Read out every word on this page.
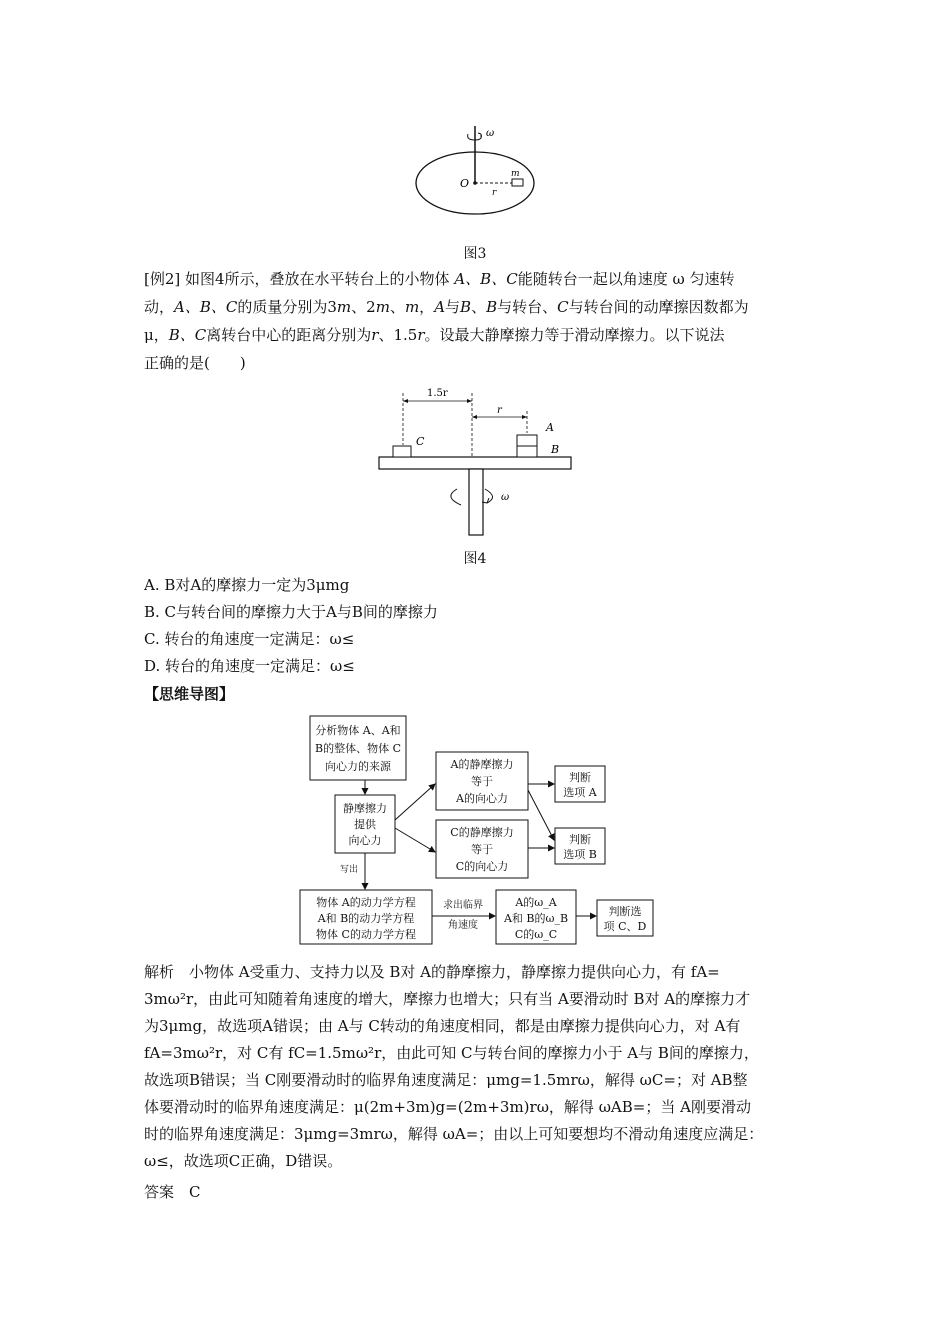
ω
O
m
r
图3
[例2] 如图4所示，叠放在水平转台上的小物体 A、B、C能随转台一起以角速度 ω 匀速转
动，A、B、C的质量分别为3m、2m、m，A与B、B与转台、C与转台间的动摩擦因数都为
μ，B、C离转台中心的距离分别为r、1.5r。设最大静摩擦力等于滑动摩擦力。以下说法
正确的是(　　)
1.5r
r
C
A
B
ω
图4
A. B对A的摩擦力一定为3μmg
B. C与转台间的摩擦力大于A与B间的摩擦力
C. 转台的角速度一定满足：ω≤
D. 转台的角速度一定满足：ω≤
【思维导图】
分析物体 A、A和
B的整体、物体 C
向心力的来源
静摩擦力
提供
向心力
A的静摩擦力
等于
A的向心力
C的静摩擦力
等于
C的向心力
判断
选项 A
判断
选项 B
物体 A的动力学方程
A和 B的动力学方程
物体 C的动力学方程
A的ω_A
A和 B的ω_B
C的ω_C
判断选
项 C、D
写出
求出临界
角速度
解析　小物体 A受重力、支持力以及 B对 A的静摩擦力，静摩擦力提供向心力，有 fA=
3mω²r，由此可知随着角速度的增大，摩擦力也增大；只有当 A要滑动时 B对 A的摩擦力才
为3μmg，故选项A错误；由 A与 C转动的角速度相同，都是由摩擦力提供向心力，对 A有
fA=3mω²r，对 C有 fC=1.5mω²r，由此可知 C与转台间的摩擦力小于 A与 B间的摩擦力，
故选项B错误；当 C刚要滑动时的临界角速度满足：μmg=1.5mrω，解得 ωC=；对 AB整
体要滑动时的临界角速度满足：μ(2m+3m)g=(2m+3m)rω，解得 ωAB=；当 A刚要滑动
时的临界角速度满足：3μmg=3mrω，解得 ωA=；由以上可知要想均不滑动角速度应满足：
ω≤，故选项C正确，D错误。
答案　C
